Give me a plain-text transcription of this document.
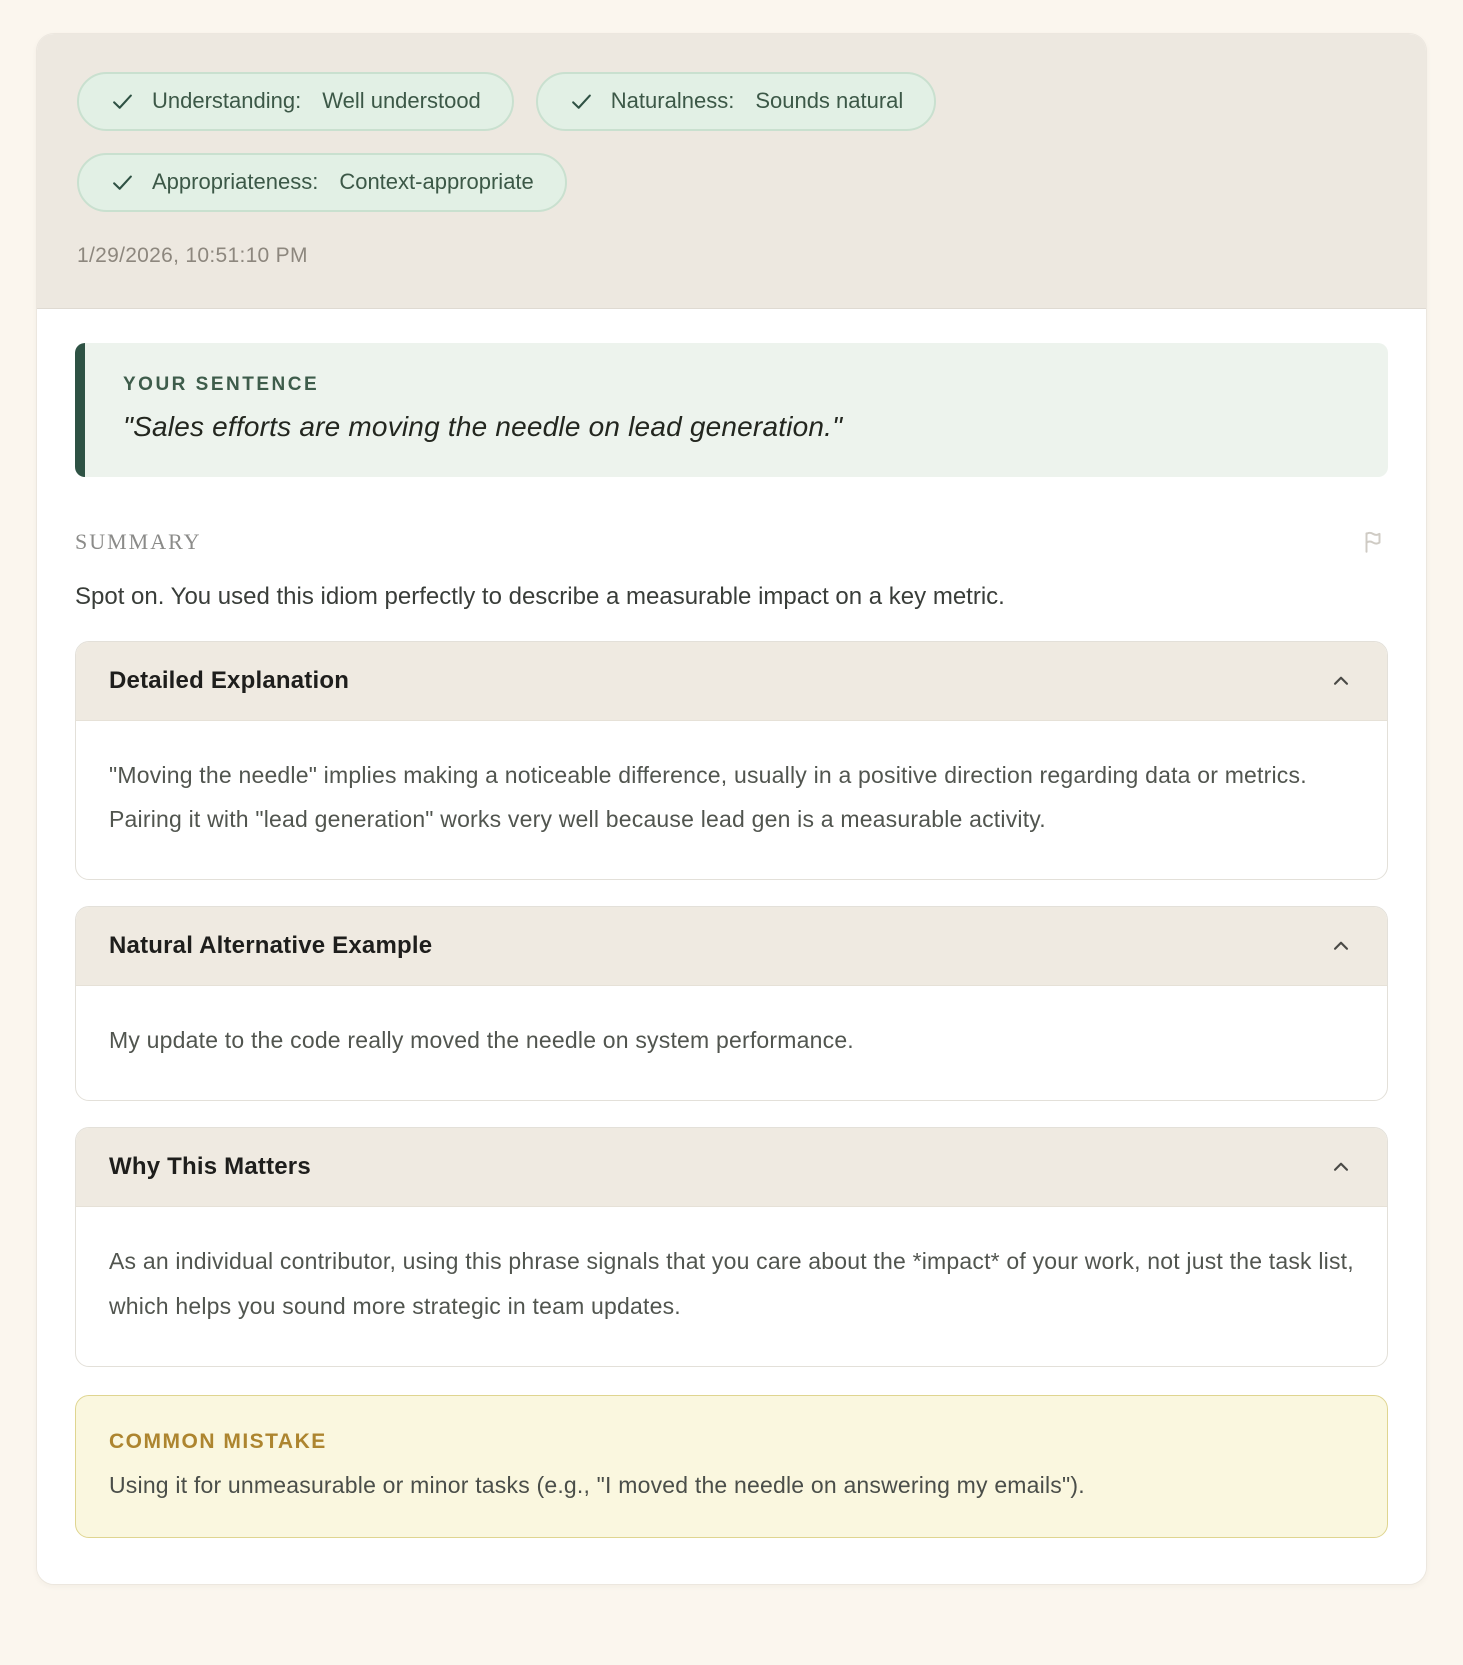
Understanding: Well understood	Naturalness: Sounds natural
Appropriateness: Context-appropriate
1/29/2026, 10:51:10 PM
YOUR SENTENCE
"Sales efforts are moving the needle on lead generation."
SUMMARY
Spot on. You used this idiom perfectly to describe a measurable impact on a key metric.
Detailed Explanation
"Moving the needle" implies making a noticeable difference, usually in a positive direction regarding data or metrics. Pairing it with "lead generation" works very well because lead gen is a measurable activity.
Natural Alternative Example
My update to the code really moved the needle on system performance.
Why This Matters
As an individual contributor, using this phrase signals that you care about the *impact* of your work, not just the task list, which helps you sound more strategic in team updates.
COMMON MISTAKE
Using it for unmeasurable or minor tasks (e.g., "I moved the needle on answering my emails").
